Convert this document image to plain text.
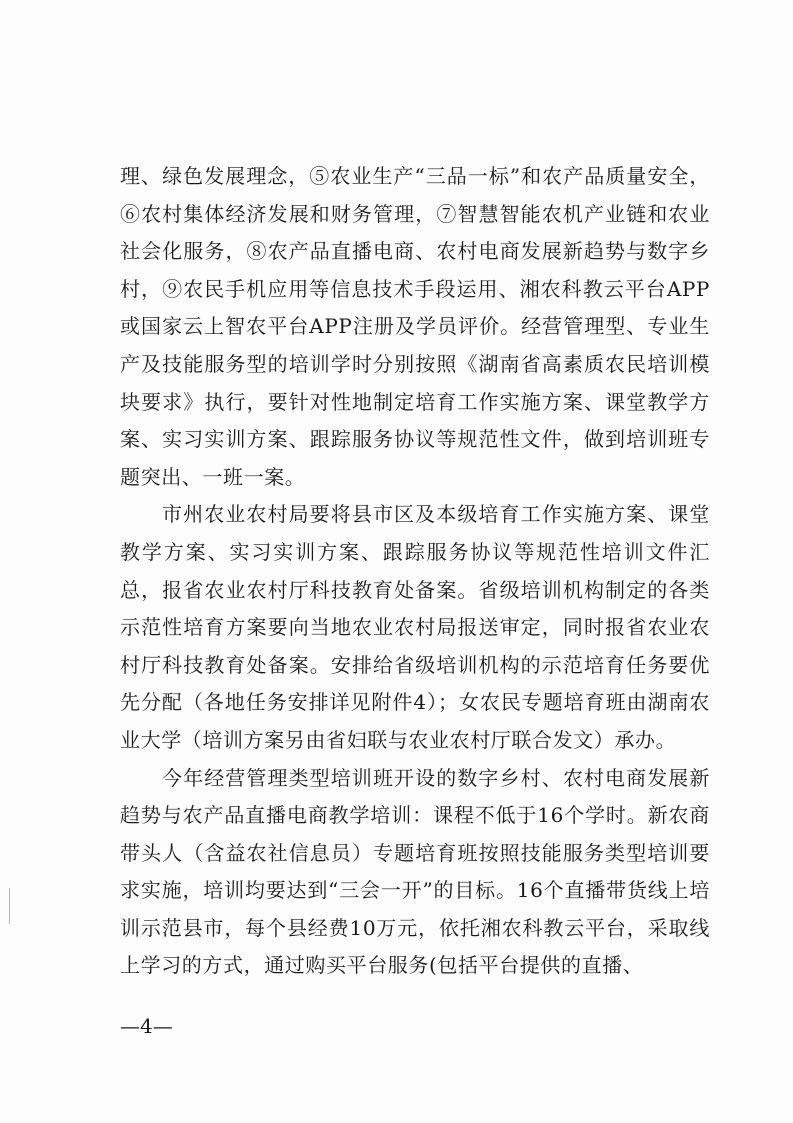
理、绿色发展理念，⑤农业生产“三品一标”和农产品质量安全，⑥农村集体经济发展和财务管理，⑦智慧智能农机产业链和农业社会化服务，⑧农产品直播电商、农村电商发展新趋势与数字乡村，⑨农民手机应用等信息技术手段运用、湘农科教云平台APP或国家云上智农平台APP注册及学员评价。经营管理型、专业生产及技能服务型的培训学时分别按照《湖南省高素质农民培训模块要求》执行，要针对性地制定培育工作实施方案、课堂教学方案、实习实训方案、跟踪服务协议等规范性文件，做到培训班专题突出、一班一案。

市州农业农村局要将县市区及本级培育工作实施方案、课堂教学方案、实习实训方案、跟踪服务协议等规范性培训文件汇总，报省农业农村厅科技教育处备案。省级培训机构制定的各类示范性培育方案要向当地农业农村局报送审定，同时报省农业农村厅科技教育处备案。安排给省级培训机构的示范培育任务要优先分配（各地任务安排详见附件4）；女农民专题培育班由湖南农业大学（培训方案另由省妇联与农业农村厅联合发文）承办。

今年经营管理类型培训班开设的数字乡村、农村电商发展新趋势与农产品直播电商教学培训：课程不低于16个学时。新农商带头人（含益农社信息员）专题培育班按照技能服务类型培训要求实施，培训均要达到“三会一开”的目标。16个直播带货线上培训示范县市，每个县经费10万元，依托湘农科教云平台，采取线上学习的方式，通过购买平台服务(包括平台提供的直播、

—4—
